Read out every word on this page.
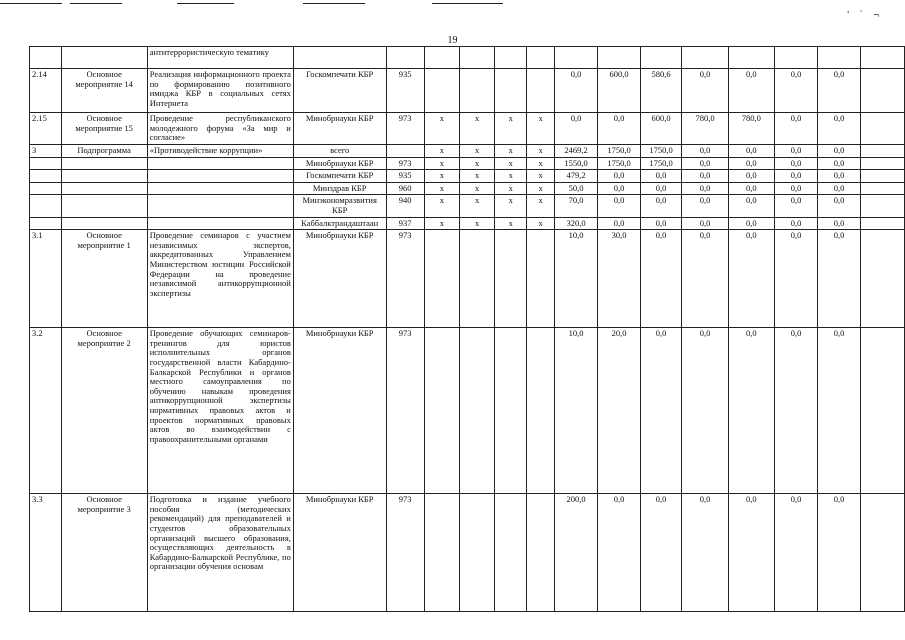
' ` ¬
19
		антитеррористическую тематику														
2.14	Основное мероприятие 14	Реализация информационного проекта по формированию позитивного имиджа КБР в социальных сетях Интернета	Госкомпечати КБР	935					0,0	600,0	580,6	0,0	0,0	0,0	0,0	
2.15	Основное мероприятие 15	Проведение республиканского молодежного форума «За мир и согласие»	Минобрнауки КБР	973	х	х	х	х	0,0	0,0	600,0	780,0	780,0	0,0	0,0	
3	Подпрограмма	«Противодействие коррупции»	всего		х	х	х	х	2469,2	1750,0	1750,0	0,0	0,0	0,0	0,0	
			Минобрнауки КБР	973	х	х	х	х	1550,0	1750,0	1750,0	0,0	0,0	0,0	0,0	
			Госкомпечати КБР	935	х	х	х	х	479,2	0,0	0,0	0,0	0,0	0,0	0,0	
			Минздрав КБР	960	х	х	х	х	50,0	0,0	0,0	0,0	0,0	0,0	0,0	
			Минэкономразвития КБР	940	х	х	х	х	70,0	0,0	0,0	0,0	0,0	0,0	0,0	
			Каббалктрандаштаан	937	х	х	х	х	320,0	0,0	0,0	0,0	0,0	0,0	0,0	
3.1	Основное мероприятие 1	Проведение семинаров с участием независимых экспертов, аккредитованных Управлением Министерством юстиции Российской Федерации на проведение независимой антикоррупционной экспертизы	Минобрнауки КБР	973					10,0	30,0	0,0	0,0	0,0	0,0	0,0	
3.2	Основное мероприятие 2	Проведение обучающих семинаров-тренингов для юристов исполнительных органов государственной власти Кабардино-Балкарской Республики и органов местного самоуправления по обучению навыкам проведения антикоррупционной экспертизы нормативных правовых актов и проектов нормативных правовых актов во взаимодействии с правоохранительными органами	Минобрнауки КБР	973					10,0	20,0	0,0	0,0	0,0	0,0	0,0	
3.3	Основное мероприятие 3	Подготовка и издание учебного пособия (методических рекомендаций) для преподавателей и студентов образовательных организаций высшего образования, осуществляющих деятельность в Кабардино-Балкарской Республике, по организации обучения основам	Минобрнауки КБР	973					200,0	0,0	0,0	0,0	0,0	0,0	0,0	
